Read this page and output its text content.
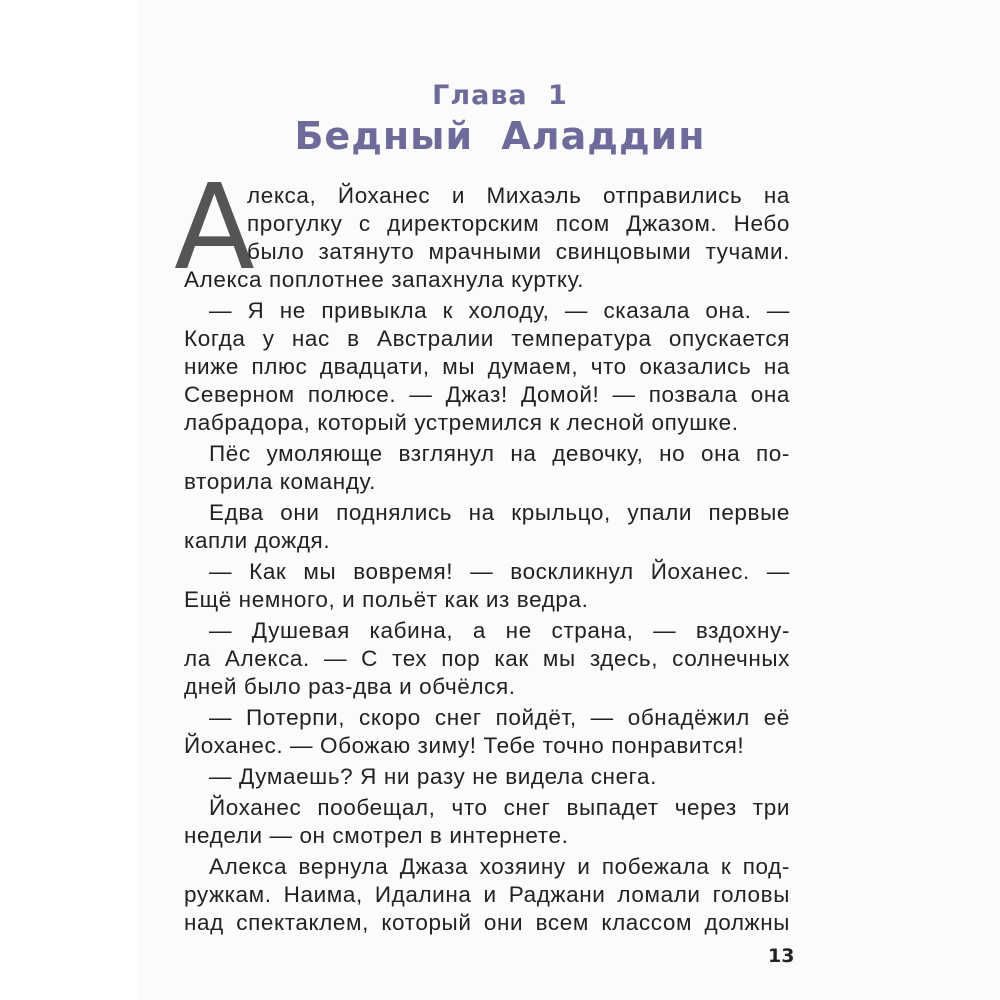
Глава 1
Бедный Аладдин
А
лекса, Йоханес и Михаэль отправились на
прогулку с директорским псом Джазом. Небо
было затянуто мрачными свинцовыми тучами.
Алекса поплотнее запахнула куртку.
— Я не привыкла к холоду, — сказала она. —
Когда у нас в Австралии температура опускается
ниже плюс двадцати, мы думаем, что оказались на
Северном полюсе. — Джаз! Домой! — позвала она
лабрадора, который устремился к лесной опушке.
Пёс умоляюще взглянул на девочку, но она по-
вторила команду.
Едва они поднялись на крыльцо, упали первые
капли дождя.
— Как мы вовремя! — воскликнул Йоханес. —
Ещё немного, и польёт как из ведра.
— Душевая кабина, а не страна, — вздохну-
ла Алекса. — С тех пор как мы здесь, солнечных
дней было раз-два и обчёлся.
— Потерпи, скоро снег пойдёт, — обнадёжил её
Йоханес. — Обожаю зиму! Тебе точно понравится!
— Думаешь? Я ни разу не видела снега.
Йоханес пообещал, что снег выпадет через три
недели — он смотрел в интернете.
Алекса вернула Джаза хозяину и побежала к под-
ружкам. Наима, Идалина и Раджани ломали головы
над спектаклем, который они всем классом должны
13
